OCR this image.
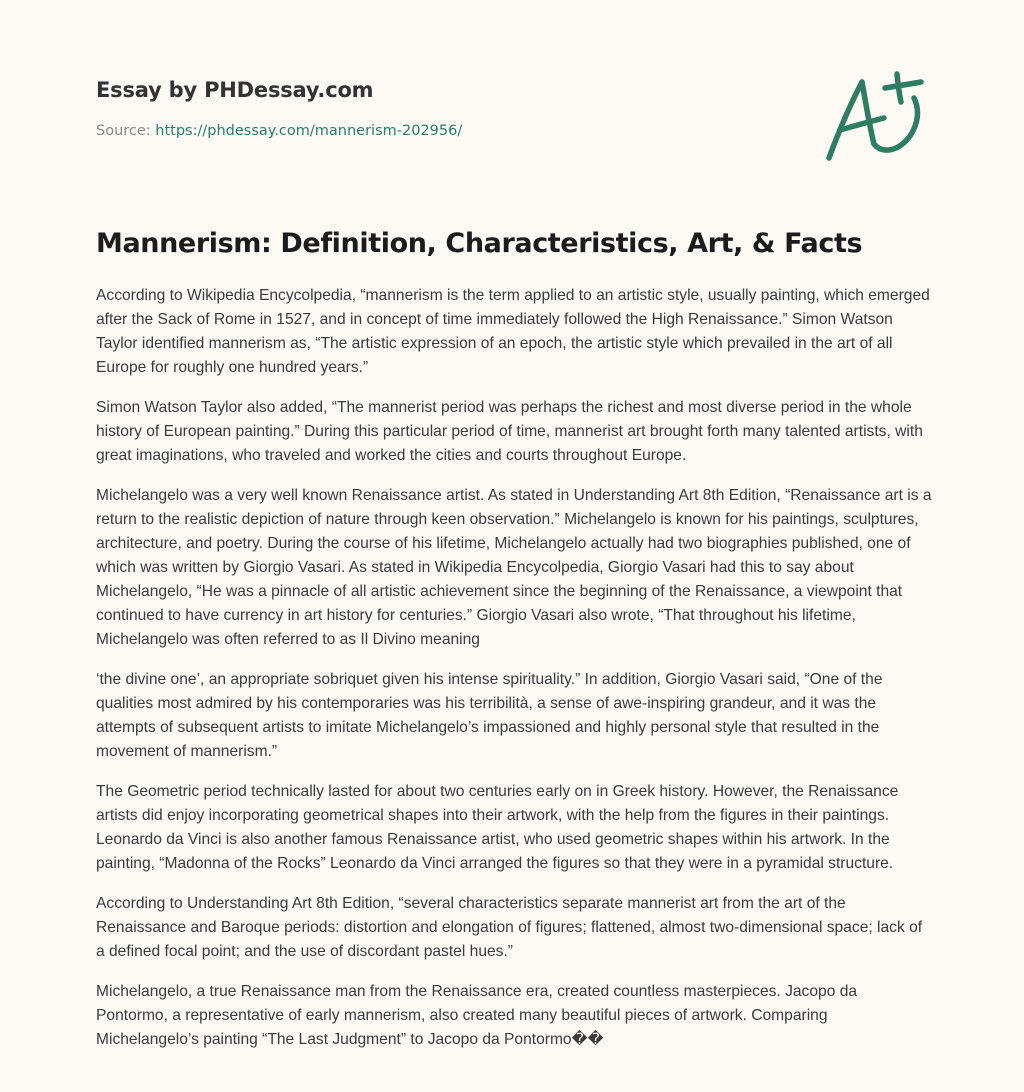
Essay by PHDessay.com
Source: https://phdessay.com/mannerism-202956/
Mannerism: Definition, Characteristics, Art, & Facts

According to Wikipedia Encycolpedia, “mannerism is the term applied to an artistic style, usually painting, which emerged after the Sack of Rome in 1527, and in concept of time immediately followed the High Renaissance.” Simon Watson Taylor identified mannerism as, “The artistic expression of an epoch, the artistic style which prevailed in the art of all Europe for roughly one hundred years.”

Simon Watson Taylor also added, “The mannerist period was perhaps the richest and most diverse period in the whole history of European painting.” During this particular period of time, mannerist art brought forth many talented artists, with great imaginations, who traveled and worked the cities and courts throughout Europe.

Michelangelo was a very well known Renaissance artist. As stated in Understanding Art 8th Edition, “Renaissance art is a return to the realistic depiction of nature through keen observation.” Michelangelo is known for his paintings, sculptures, architecture, and poetry. During the course of his lifetime, Michelangelo actually had two biographies published, one of which was written by Giorgio Vasari. As stated in Wikipedia Encycolpedia, Giorgio Vasari had this to say about Michelangelo, “He was a pinnacle of all artistic achievement since the beginning of the Renaissance, a viewpoint that continued to have currency in art history for centuries.” Giorgio Vasari also wrote, “That throughout his lifetime, Michelangelo was often referred to as Il Divino meaning

‘the divine one’, an appropriate sobriquet given his intense spirituality.” In addition, Giorgio Vasari said, “One of the qualities most admired by his contemporaries was his terribilità, a sense of awe-inspiring grandeur, and it was the attempts of subsequent artists to imitate Michelangelo’s impassioned and highly personal style that resulted in the movement of mannerism.”

The Geometric period technically lasted for about two centuries early on in Greek history. However, the Renaissance artists did enjoy incorporating geometrical shapes into their artwork, with the help from the figures in their paintings. Leonardo da Vinci is also another famous Renaissance artist, who used geometric shapes within his artwork. In the painting, “Madonna of the Rocks” Leonardo da Vinci arranged the figures so that they were in a pyramidal structure.

According to Understanding Art 8th Edition, “several characteristics separate mannerist art from the art of the Renaissance and Baroque periods: distortion and elongation of figures; flattened, almost two-dimensional space; lack of a defined focal point; and the use of discordant pastel hues.”

Michelangelo, a true Renaissance man from the Renaissance era, created countless masterpieces. Jacopo da Pontormo, a representative of early mannerism, also created many beautiful pieces of artwork. Comparing Michelangelo’s painting “The Last Judgment” to Jacopo da Pontormo��
